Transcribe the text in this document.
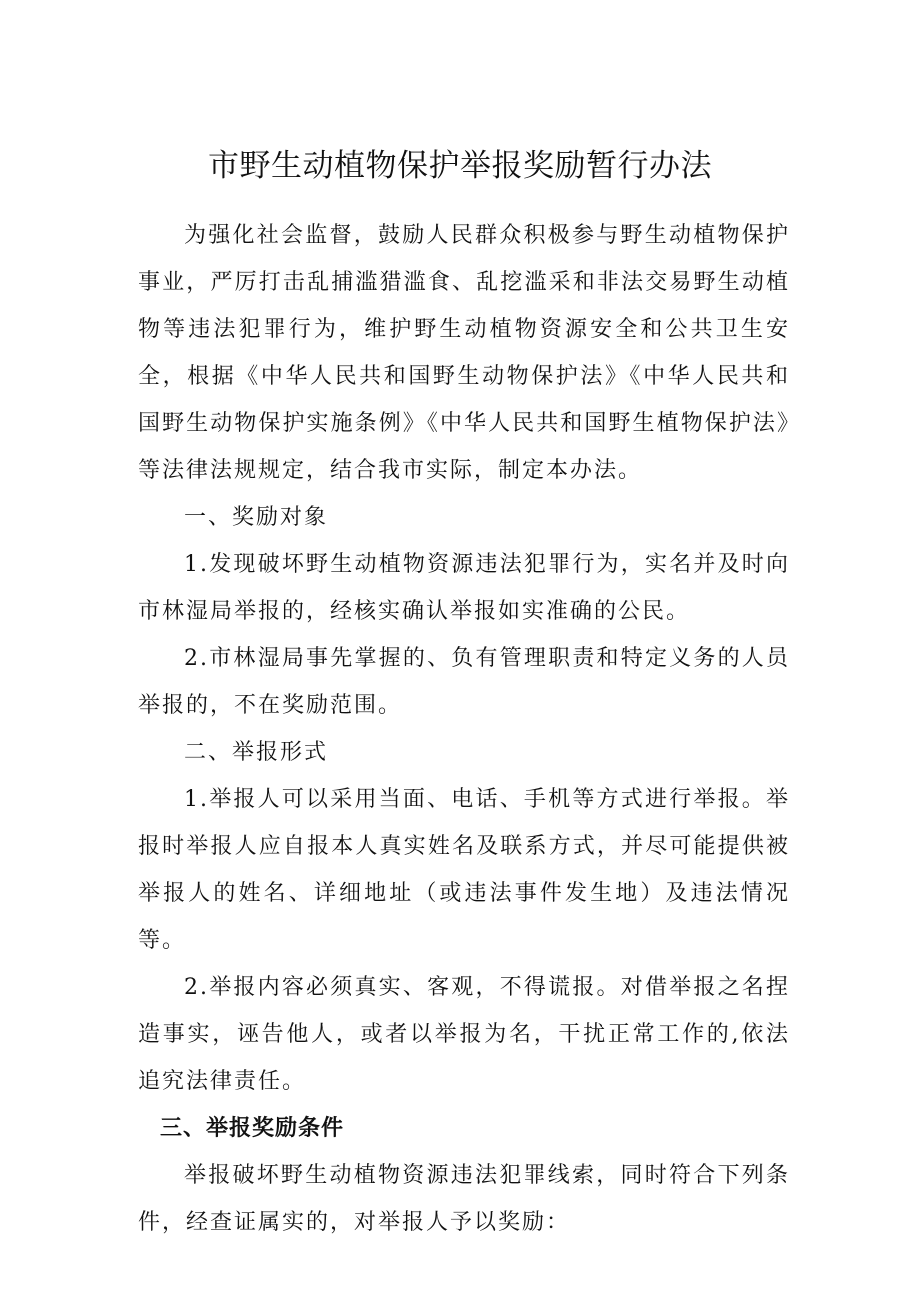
市野生动植物保护举报奖励暂行办法

为强化社会监督，鼓励人民群众积极参与野生动植物保护事业，严厉打击乱捕滥猎滥食、乱挖滥采和非法交易野生动植物等违法犯罪行为，维护野生动植物资源安全和公共卫生安全，根据《中华人民共和国野生动物保护法》《中华人民共和国野生动物保护实施条例》《中华人民共和国野生植物保护法》等法律法规规定，结合我市实际，制定本办法。

一、奖励对象

1.发现破坏野生动植物资源违法犯罪行为，实名并及时向市林湿局举报的，经核实确认举报如实准确的公民。

2.市林湿局事先掌握的、负有管理职责和特定义务的人员举报的，不在奖励范围。

二、举报形式

1.举报人可以采用当面、电话、手机等方式进行举报。举报时举报人应自报本人真实姓名及联系方式，并尽可能提供被举报人的姓名、详细地址（或违法事件发生地）及违法情况等。

2.举报内容必须真实、客观，不得谎报。对借举报之名捏造事实，诬告他人，或者以举报为名，干扰正常工作的,依法追究法律责任。

三、举报奖励条件

举报破坏野生动植物资源违法犯罪线索，同时符合下列条件，经查证属实的，对举报人予以奖励：
